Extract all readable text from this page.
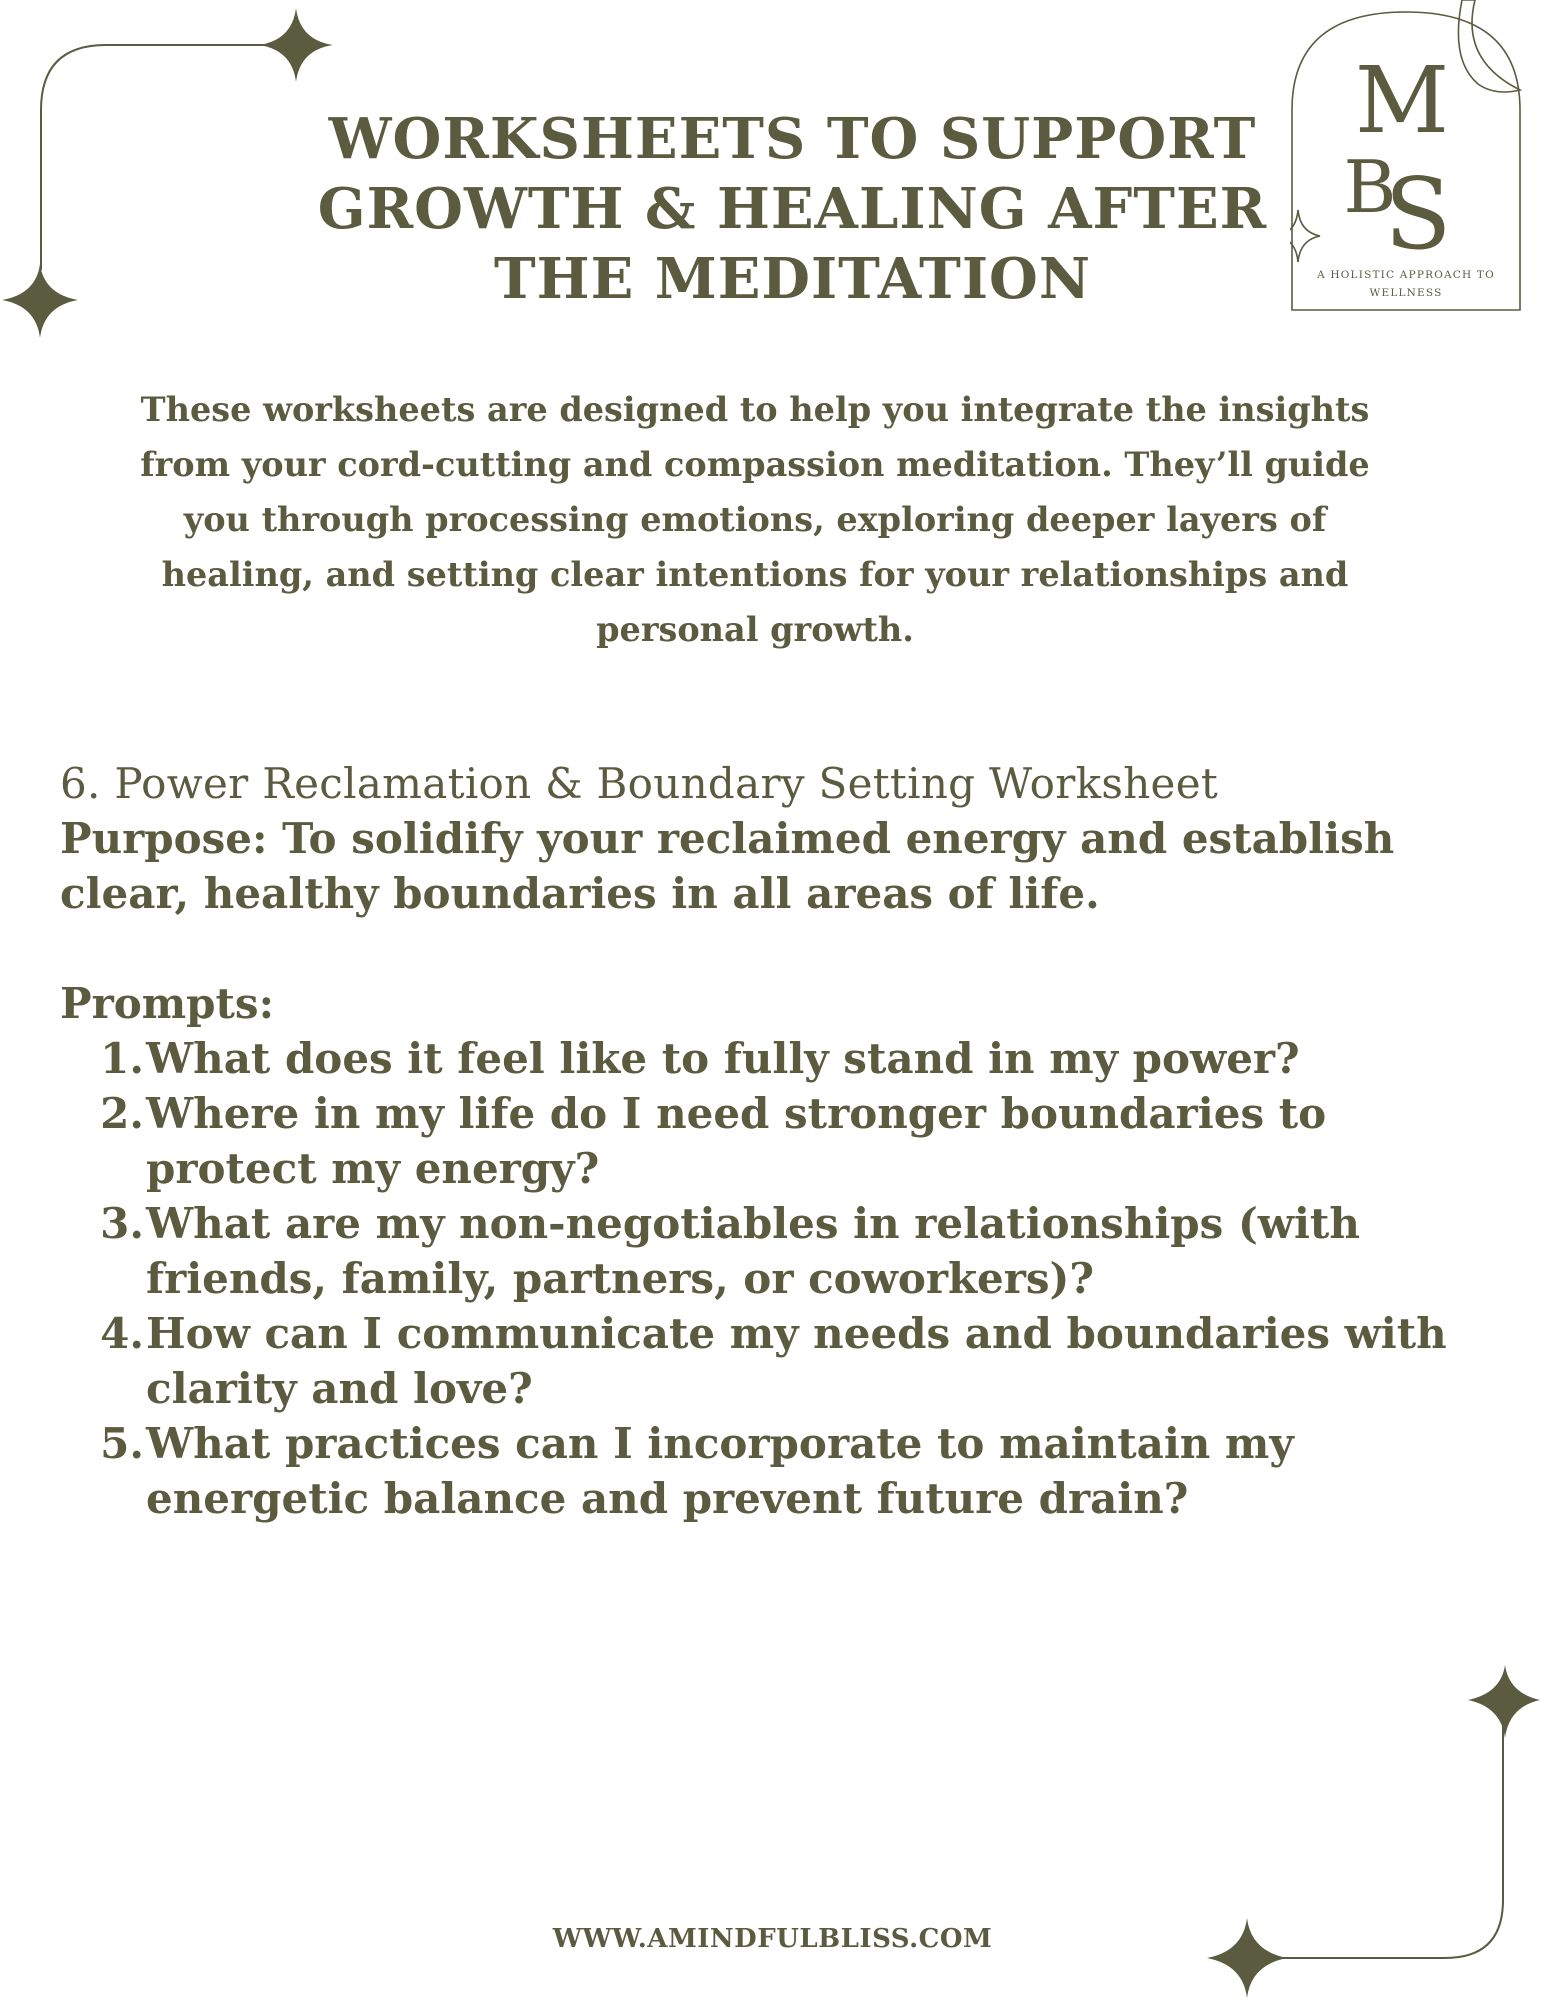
WORKSHEETS TO SUPPORT
GROWTH & HEALING AFTER
THE MEDITATION
M
B
S
A HOLISTIC APPROACH TO
WELLNESS
These worksheets are designed to help you integrate the insights
from your cord-cutting and compassion meditation. They’ll guide
you through processing emotions, exploring deeper layers of
healing, and setting clear intentions for your relationships and
personal growth.
6. Power Reclamation & Boundary Setting Worksheet
Purpose: To solidify your reclaimed energy and establish
clear, healthy boundaries in all areas of life.
Prompts:
1. What does it feel like to fully stand in my power?
2. Where in my life do I need stronger boundaries to
protect my energy?
3. What are my non-negotiables in relationships (with
friends, family, partners, or coworkers)?
4. How can I communicate my needs and boundaries with
clarity and love?
5. What practices can I incorporate to maintain my
energetic balance and prevent future drain?
WWW.AMINDFULBLISS.COM
